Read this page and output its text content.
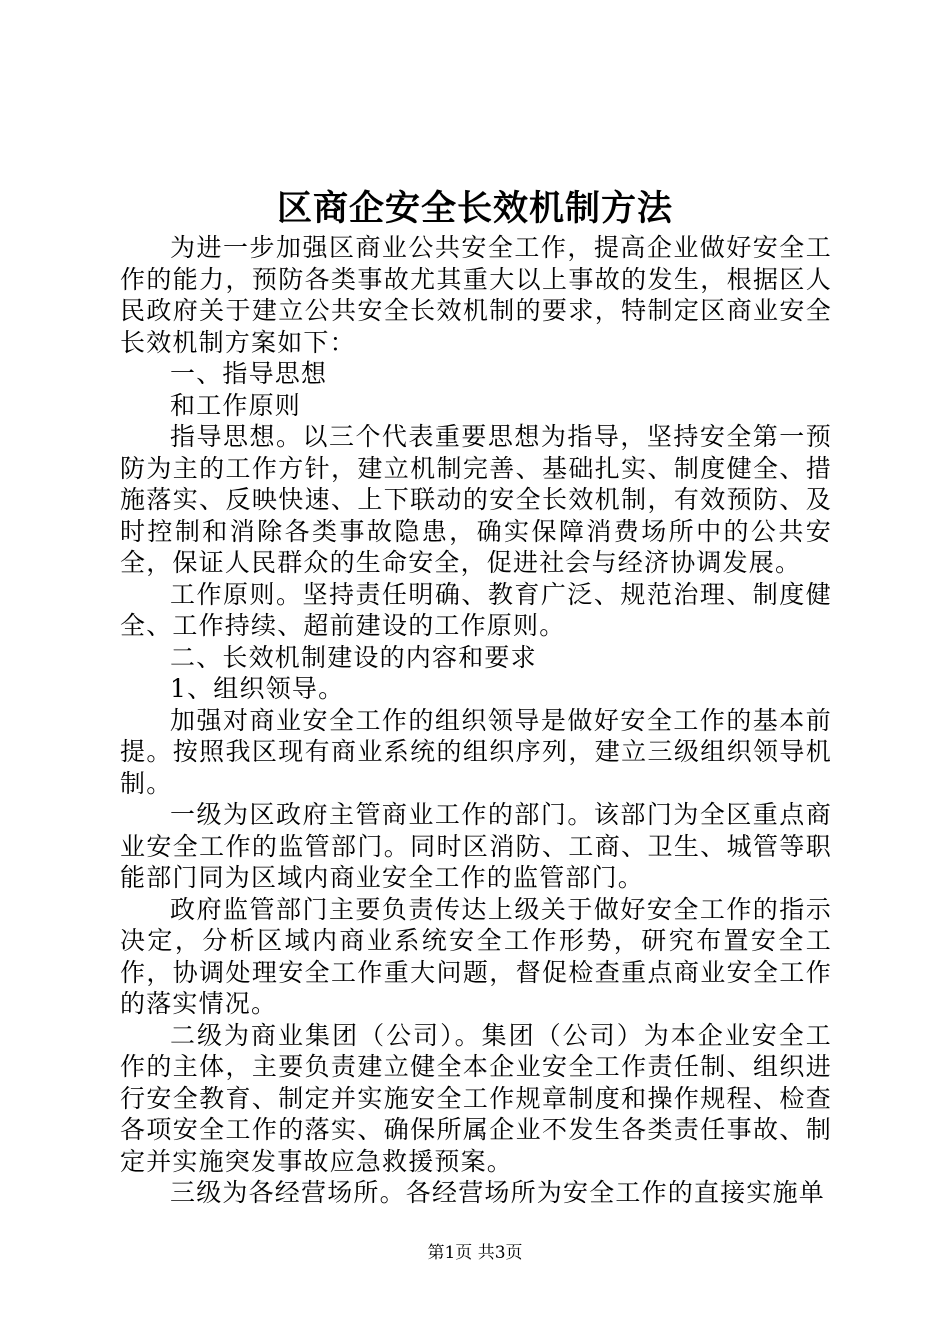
区商企安全长效机制方法

为进一步加强区商业公共安全工作，提高企业做好安全工作的能力，预防各类事故尤其重大以上事故的发生，根据区人民政府关于建立公共安全长效机制的要求，特制定区商业安全长效机制方案如下：

一、指导思想

和工作原则

指导思想。以三个代表重要思想为指导，坚持安全第一预防为主的工作方针，建立机制完善、基础扎实、制度健全、措施落实、反映快速、上下联动的安全长效机制，有效预防、及时控制和消除各类事故隐患，确实保障消费场所中的公共安全，保证人民群众的生命安全，促进社会与经济协调发展。

工作原则。坚持责任明确、教育广泛、规范治理、制度健全、工作持续、超前建设的工作原则。

二、长效机制建设的内容和要求

1、组织领导。

加强对商业安全工作的组织领导是做好安全工作的基本前提。按照我区现有商业系统的组织序列，建立三级组织领导机制。

一级为区政府主管商业工作的部门。该部门为全区重点商业安全工作的监管部门。同时区消防、工商、卫生、城管等职能部门同为区域内商业安全工作的监管部门。

政府监管部门主要负责传达上级关于做好安全工作的指示决定，分析区域内商业系统安全工作形势，研究布置安全工作，协调处理安全工作重大问题，督促检查重点商业安全工作的落实情况。

二级为商业集团（公司）。集团（公司）为本企业安全工作的主体，主要负责建立健全本企业安全工作责任制、组织进行安全教育、制定并实施安全工作规章制度和操作规程、检查各项安全工作的落实、确保所属企业不发生各类责任事故、制定并实施突发事故应急救援预案。

三级为各经营场所。各经营场所为安全工作的直接实施单

第1页 共3页
